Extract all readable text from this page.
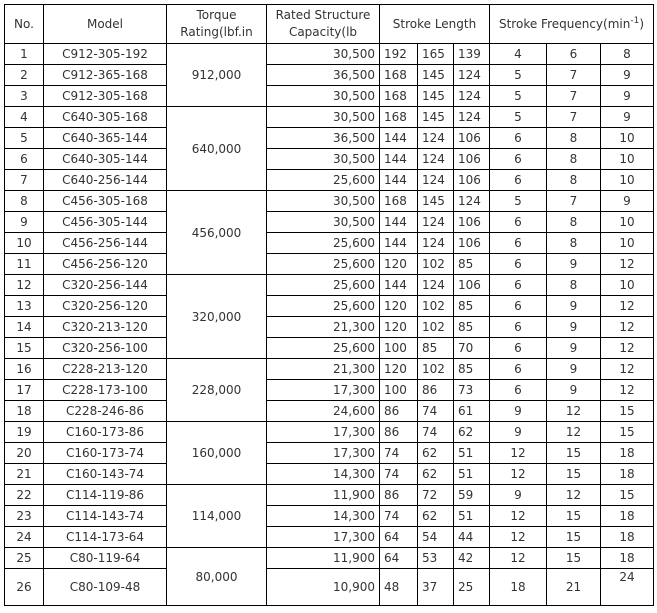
No.	Model	Torque Rating(lbf.in	Rated Structure Capacity(lb	Stroke Length			Stroke $Frequency(\min^{-1})$		
1	C912-305-192	912,000	30,500	192	165	139	4	6	8
2	C912-365-168		36,500	168	145	124	5	7	9
3	C912-305-168		30,500	168	145	124	5	7	9
4	C640-305-168	640,000	30,500	168	145	124	5	7	9
5	C640-365-144		36,500	144	124	106	6	8	10
6	C640-305-144		30,500	144	124	106	6	8	10
7	C640-256-144		25,600	144	124	106	6	8	10
8	C456-305-168	456,000	30,500	168	145	124	5	7	9
9	C456-305-144		30,500	144	124	106	6	8	10
10	C456-256-144		25,600	144	124	106	6	8	10
11	C456-256-120		25,600	120	102	85	6	9	12
12	C320-256-144	320,000	25,600	144	124	106	6	8	10
13	C320-256-120		25,600	120	102	85	6	9	12
14	C320-213-120		21,300	120	102	85	6	9	12
15	C320-256-100		25,600	100	85	70	6	9	12
16	C228-213-120	228,000	21,300	120	102	85	6	9	12
17	C228-173-100		17,300	100	86	73	6	9	12
18	C228-246-86		24,600	86	74	61	9	12	15
19	C160-173-86	160,000	17,300	86	74	62	9	12	15
20	C160-173-74		17,300	74	62	51	12	15	18
21	C160-143-74		14,300	74	62	51	12	15	18
22	C114-119-86	114,000	11,900	86	72	59	9	12	15
23	C114-143-74		14,300	74	62	51	12	15	18
24	C114-173-64		17,300	64	54	44	12	15	18
25	C80-119-64	80,000	11,900	64	53	42	12	15	18
26	C80-109-48		10,900	48	37	25	18	21	24
